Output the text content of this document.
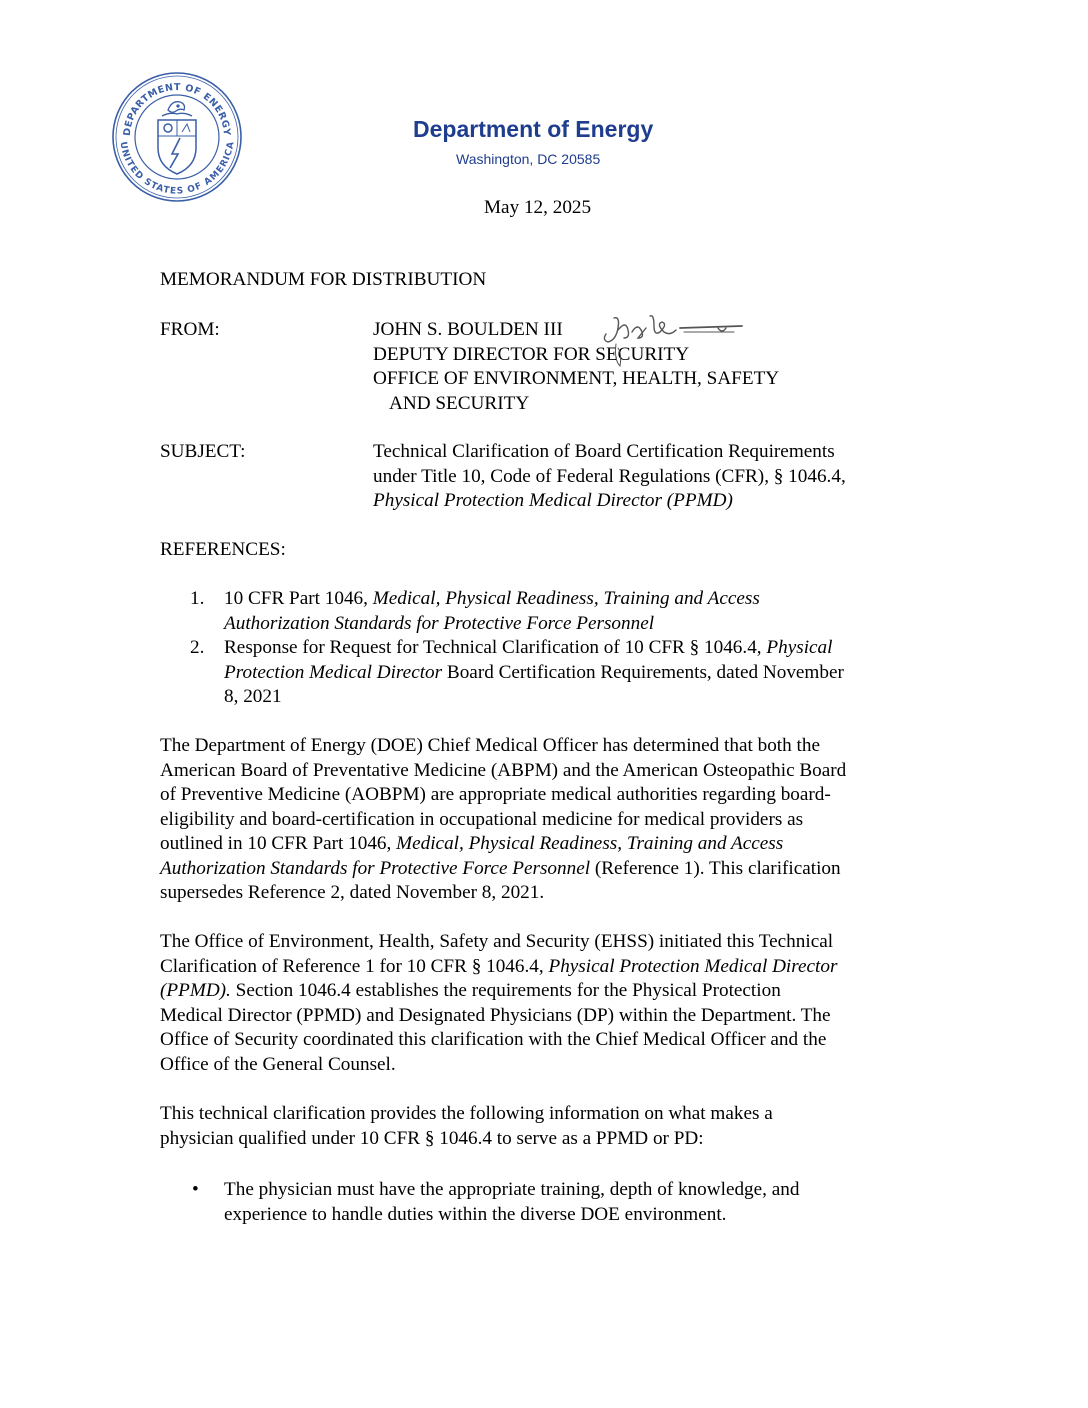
DEPARTMENT OF ENERGY
UNITED STATES OF AMERICA
Department of Energy
Washington, DC 20585
May 12, 2025
MEMORANDUM FOR DISTRIBUTION
FROM:	JOHN S. BOULDEN III
DEPUTY DIRECTOR FOR SECURITY
OFFICE OF ENVIRONMENT, HEALTH, SAFETY
AND SECURITY
SUBJECT:	Technical Clarification of Board Certification Requirements
under Title 10, Code of Federal Regulations (CFR), § 1046.4,
Physical Protection Medical Director (PPMD)
REFERENCES:
1.	10 CFR Part 1046, Medical, Physical Readiness, Training and Access
Authorization Standards for Protective Force Personnel
2.	Response for Request for Technical Clarification of 10 CFR § 1046.4, Physical
Protection Medical Director Board Certification Requirements, dated November
8, 2021
The Department of Energy (DOE) Chief Medical Officer has determined that both the
American Board of Preventative Medicine (ABPM) and the American Osteopathic Board
of Preventive Medicine (AOBPM) are appropriate medical authorities regarding board-
eligibility and board-certification in occupational medicine for medical providers as
outlined in 10 CFR Part 1046, Medical, Physical Readiness, Training and Access
Authorization Standards for Protective Force Personnel (Reference 1). This clarification
supersedes Reference 2, dated November 8, 2021.
The Office of Environment, Health, Safety and Security (EHSS) initiated this Technical
Clarification of Reference 1 for 10 CFR § 1046.4, Physical Protection Medical Director
(PPMD). Section 1046.4 establishes the requirements for the Physical Protection
Medical Director (PPMD) and Designated Physicians (DP) within the Department. The
Office of Security coordinated this clarification with the Chief Medical Officer and the
Office of the General Counsel.
This technical clarification provides the following information on what makes a
physician qualified under 10 CFR § 1046.4 to serve as a PPMD or PD:
•	The physician must have the appropriate training, depth of knowledge, and
experience to handle duties within the diverse DOE environment.
